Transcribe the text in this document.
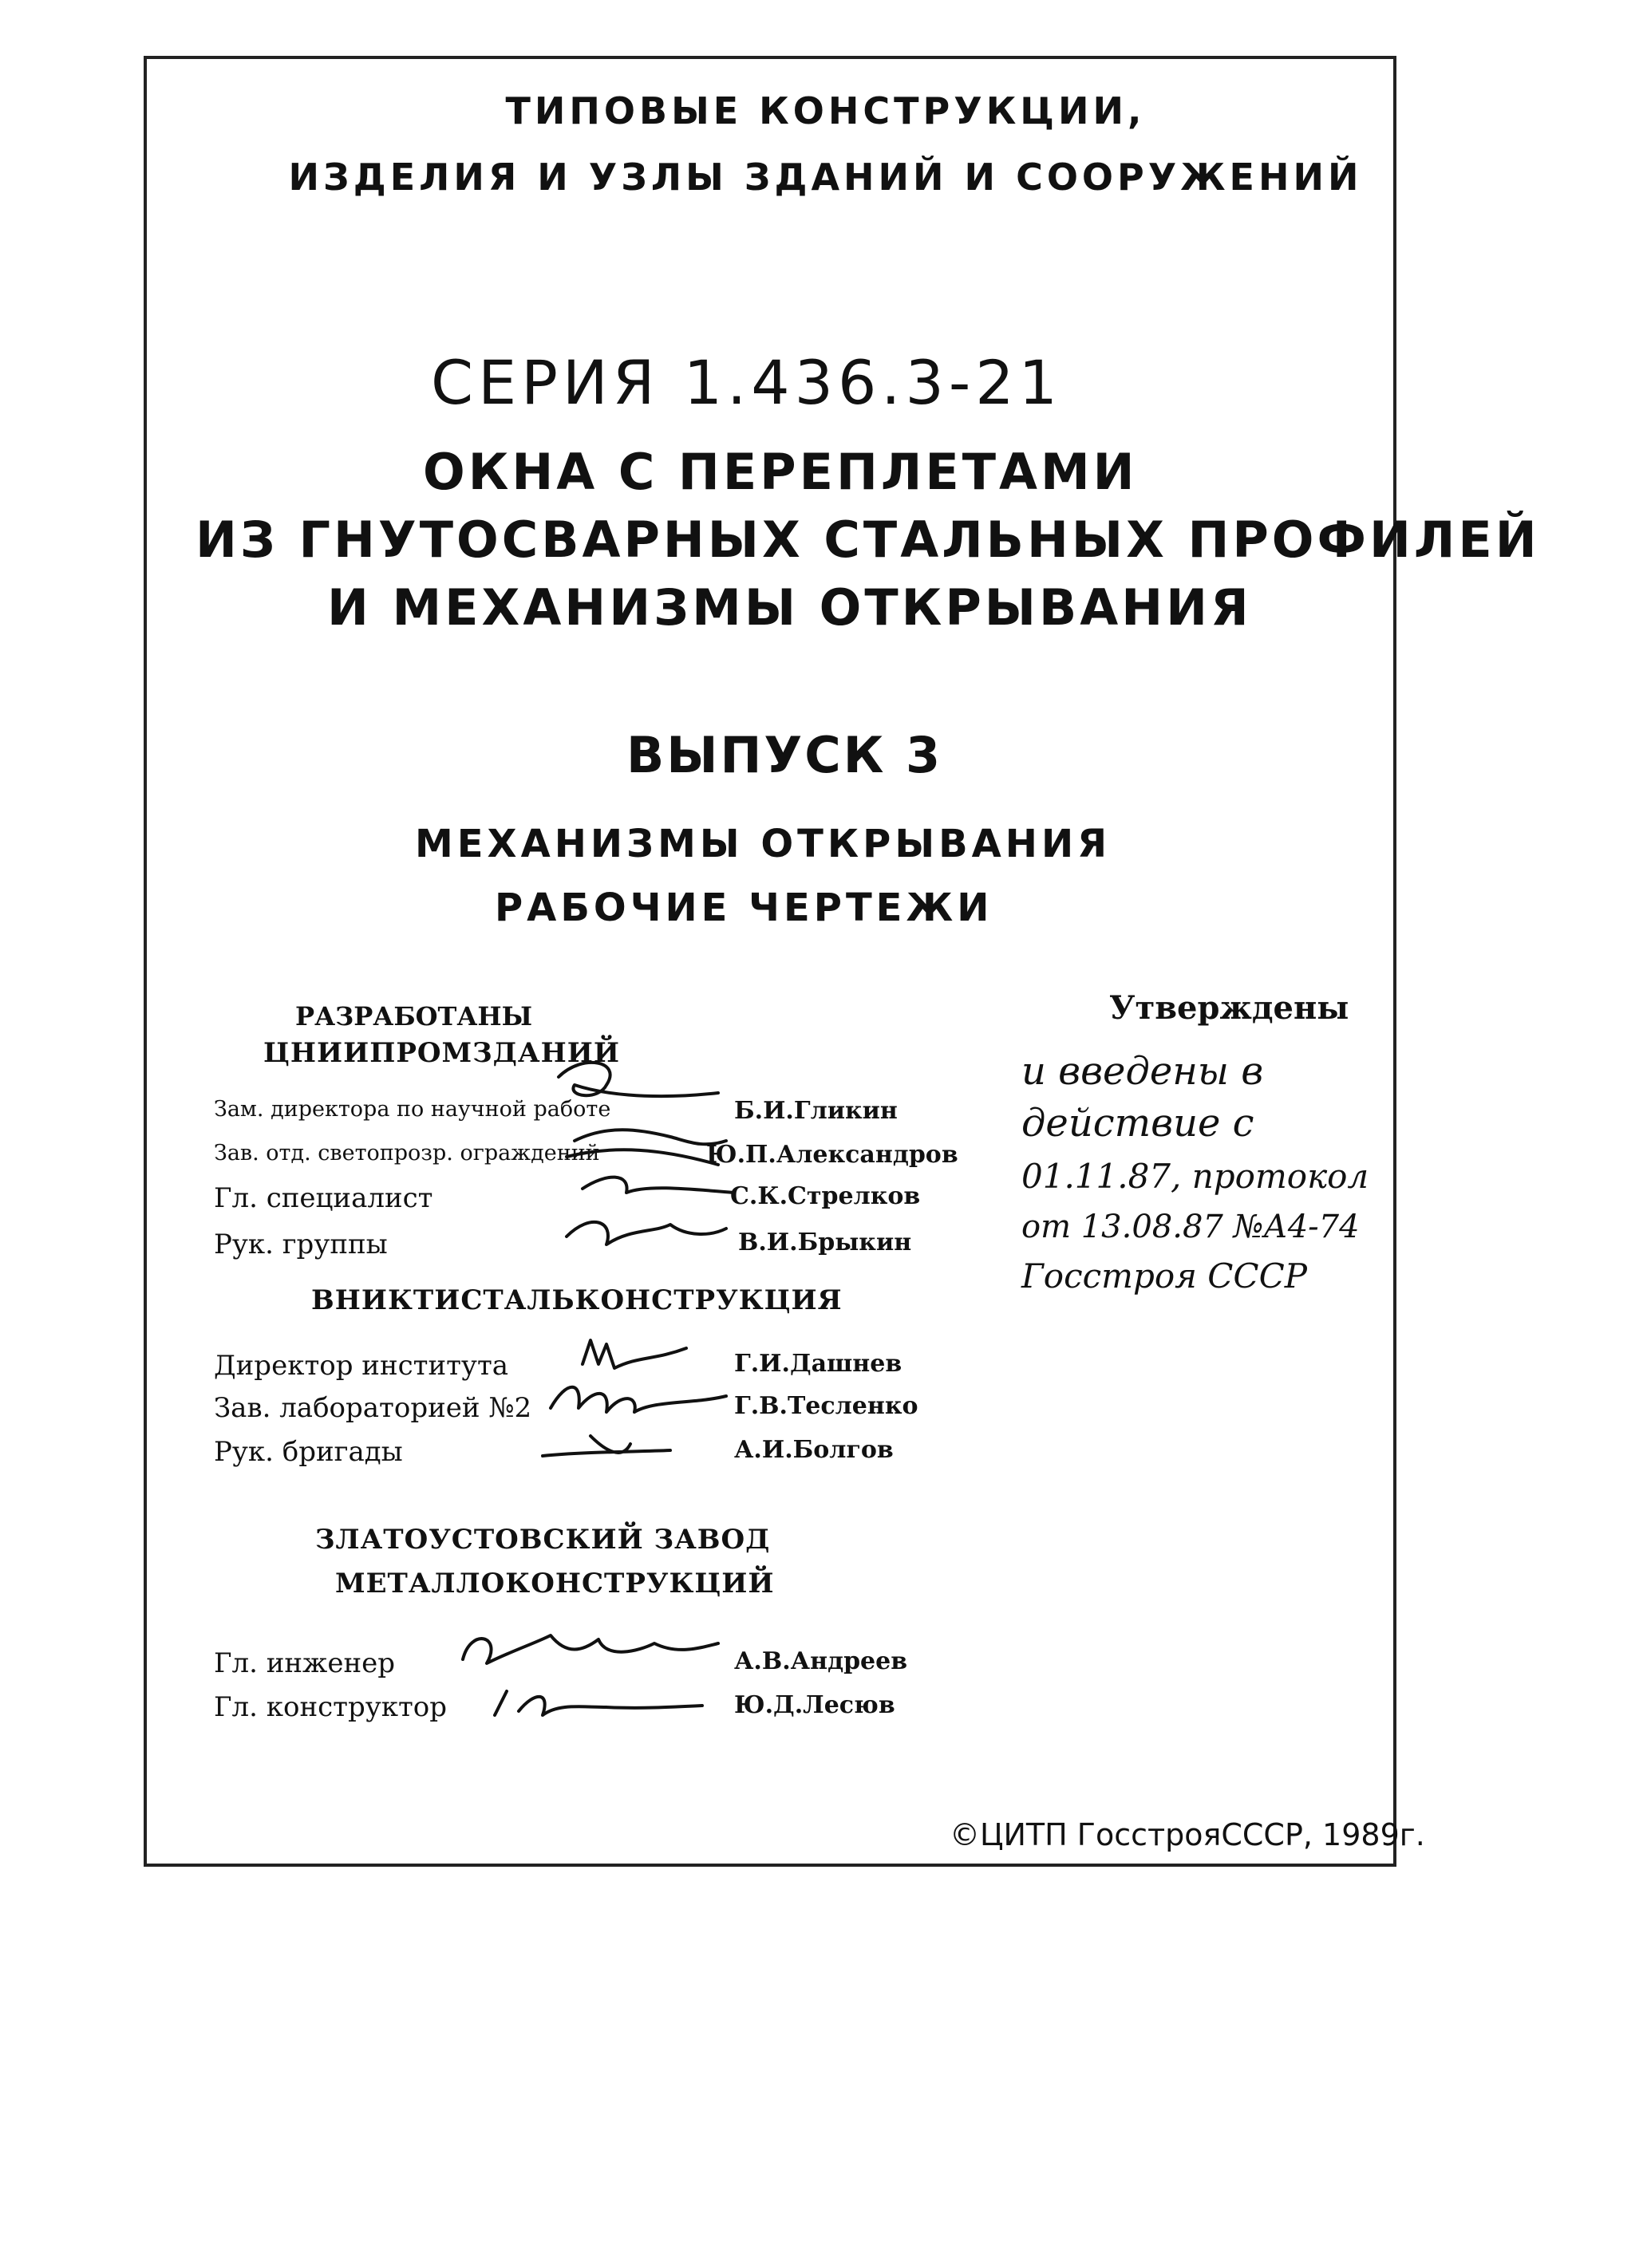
ТИПОВЫЕ КОНСТРУКЦИИ,
ИЗДЕЛИЯ И УЗЛЫ ЗДАНИЙ И СООРУЖЕНИЙ
СЕРИЯ 1.436.3-21
ОКНА С ПЕРЕПЛЕТАМИ
ИЗ ГНУТОСВАРНЫХ СТАЛЬНЫХ ПРОФИЛЕЙ
И МЕХАНИЗМЫ ОТКРЫВАНИЯ
ВЫПУСК 3
МЕХАНИЗМЫ ОТКРЫВАНИЯ
РАБОЧИЕ ЧЕРТЕЖИ
РАЗРАБОТАНЫ
ЦНИИПРОМЗДАНИЙ
Зам. директора по научной работе	Б.И.Гликин
Зав. отд. светопрозр. ограждений	Ю.П.Александров
Гл. специалист	С.К.Стрелков
Рук. группы	В.И.Брыкин
ВНИКТИСТАЛЬКОНСТРУКЦИЯ
Директор института	Г.И.Дашнев
Зав. лабораторией №2	Г.В.Тесленко
Рук. бригады	А.И.Болгов
ЗЛАТОУСТОВСКИЙ ЗАВОД
МЕТАЛЛОКОНСТРУКЦИЙ
Гл. инженер	А.В.Андреев
Гл. конструктор	Ю.Д.Лесюв
Утверждены
и введены в
действие с
01.11.87, протокол
от 13.08.87 №А4-74
Госстроя СССР
©ЦИТП ГосстрояСССР, 1989г.
